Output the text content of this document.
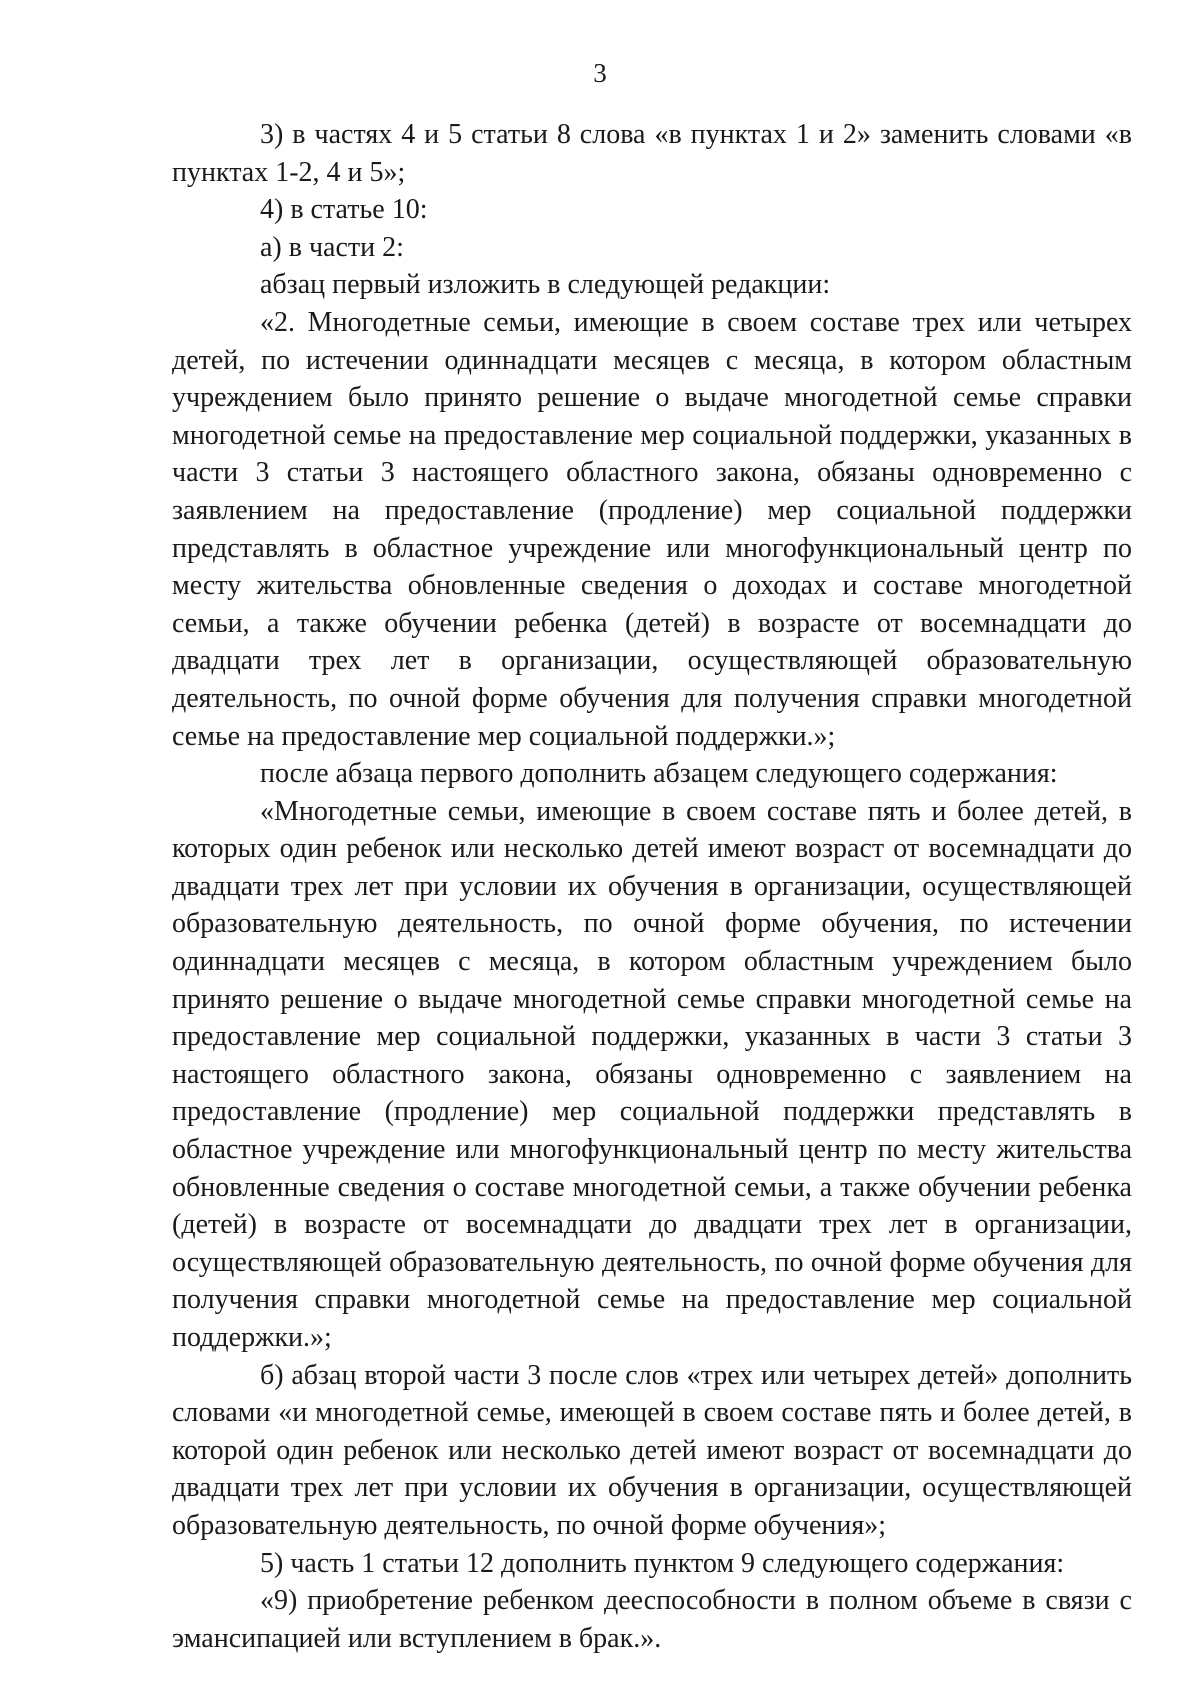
3

3) в частях 4 и 5 статьи 8 слова «в пунктах 1 и 2» заменить словами «в пунктах 1-2, 4 и 5»;

4) в статье 10:

а) в части 2:

абзац первый изложить в следующей редакции:

«2. Многодетные семьи, имеющие в своем составе трех или четырех детей, по истечении одиннадцати месяцев с месяца, в котором областным учреждением было принято решение о выдаче многодетной семье справки многодетной семье на предоставление мер социальной поддержки, указанных в части 3 статьи 3 настоящего областного закона, обязаны одновременно с заявлением на предоставление (продление) мер социальной поддержки представлять в областное учреждение или многофункциональный центр по месту жительства обновленные сведения о доходах и составе многодетной семьи, а также обучении ребенка (детей) в возрасте от восемнадцати до двадцати трех лет в организации, осуществляющей образовательную деятельность, по очной форме обучения для получения справки многодетной семье на предоставление мер социальной поддержки.»;

после абзаца первого дополнить абзацем следующего содержания:

«Многодетные семьи, имеющие в своем составе пять и более детей, в которых один ребенок или несколько детей имеют возраст от восемнадцати до двадцати трех лет при условии их обучения в организации, осуществляющей образовательную деятельность, по очной форме обучения, по истечении одиннадцати месяцев с месяца, в котором областным учреждением было принято решение о выдаче многодетной семье справки многодетной семье на предоставление мер социальной поддержки, указанных в части 3 статьи 3 настоящего областного закона, обязаны одновременно с заявлением на предоставление (продление) мер социальной поддержки представлять в областное учреждение или многофункциональный центр по месту жительства обновленные сведения о составе многодетной семьи, а также обучении ребенка (детей) в возрасте от восемнадцати до двадцати трех лет в организации, осуществляющей образовательную деятельность, по очной форме обучения для получения справки многодетной семье на предоставление мер социальной поддержки.»;

б) абзац второй части 3 после слов «трех или четырех детей» дополнить словами «и многодетной семье, имеющей в своем составе пять и более детей, в которой один ребенок или несколько детей имеют возраст от восемнадцати до двадцати трех лет при условии их обучения в организации, осуществляющей образовательную деятельность, по очной форме обучения»;

5) часть 1 статьи 12 дополнить пунктом 9 следующего содержания:

«9) приобретение ребенком дееспособности в полном объеме в связи с эмансипацией или вступлением в брак.».
